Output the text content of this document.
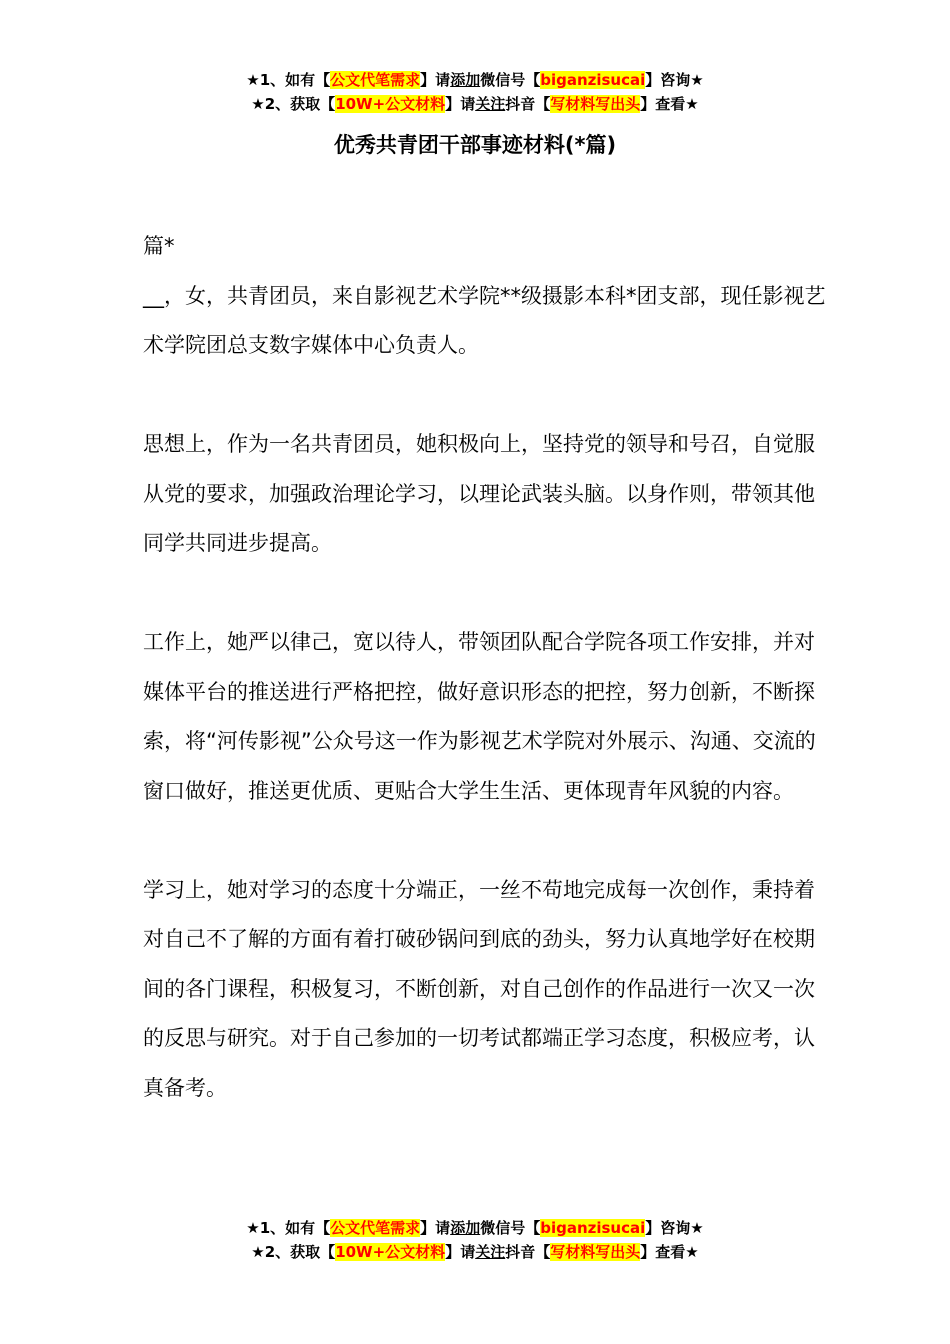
★1、如有【公文代笔需求】请添加微信号【biganzisucai】咨询★
★2、获取【10W+公文材料】请关注抖音【写材料写出头】查看★
优秀共青团干部事迹材料(*篇)

篇*

__，女，共青团员，来自影视艺术学院**级摄影本科*团支部，现任影视艺术学院团总支数字媒体中心负责人。

思想上，作为一名共青团员，她积极向上，坚持党的领导和号召，自觉服从党的要求，加强政治理论学习，以理论武装头脑。以身作则，带领其他同学共同进步提高。

工作上，她严以律己，宽以待人，带领团队配合学院各项工作安排，并对媒体平台的推送进行严格把控，做好意识形态的把控，努力创新，不断探索，将“河传影视”公众号这一作为影视艺术学院对外展示、沟通、交流的窗口做好，推送更优质、更贴合大学生生活、更体现青年风貌的内容。

学习上，她对学习的态度十分端正，一丝不苟地完成每一次创作，秉持着对自己不了解的方面有着打破砂锅问到底的劲头，努力认真地学好在校期间的各门课程，积极复习，不断创新，对自己创作的作品进行一次又一次的反思与研究。对于自己参加的一切考试都端正学习态度，积极应考，认真备考。

★1、如有【公文代笔需求】请添加微信号【biganzisucai】咨询★
★2、获取【10W+公文材料】请关注抖音【写材料写出头】查看★
